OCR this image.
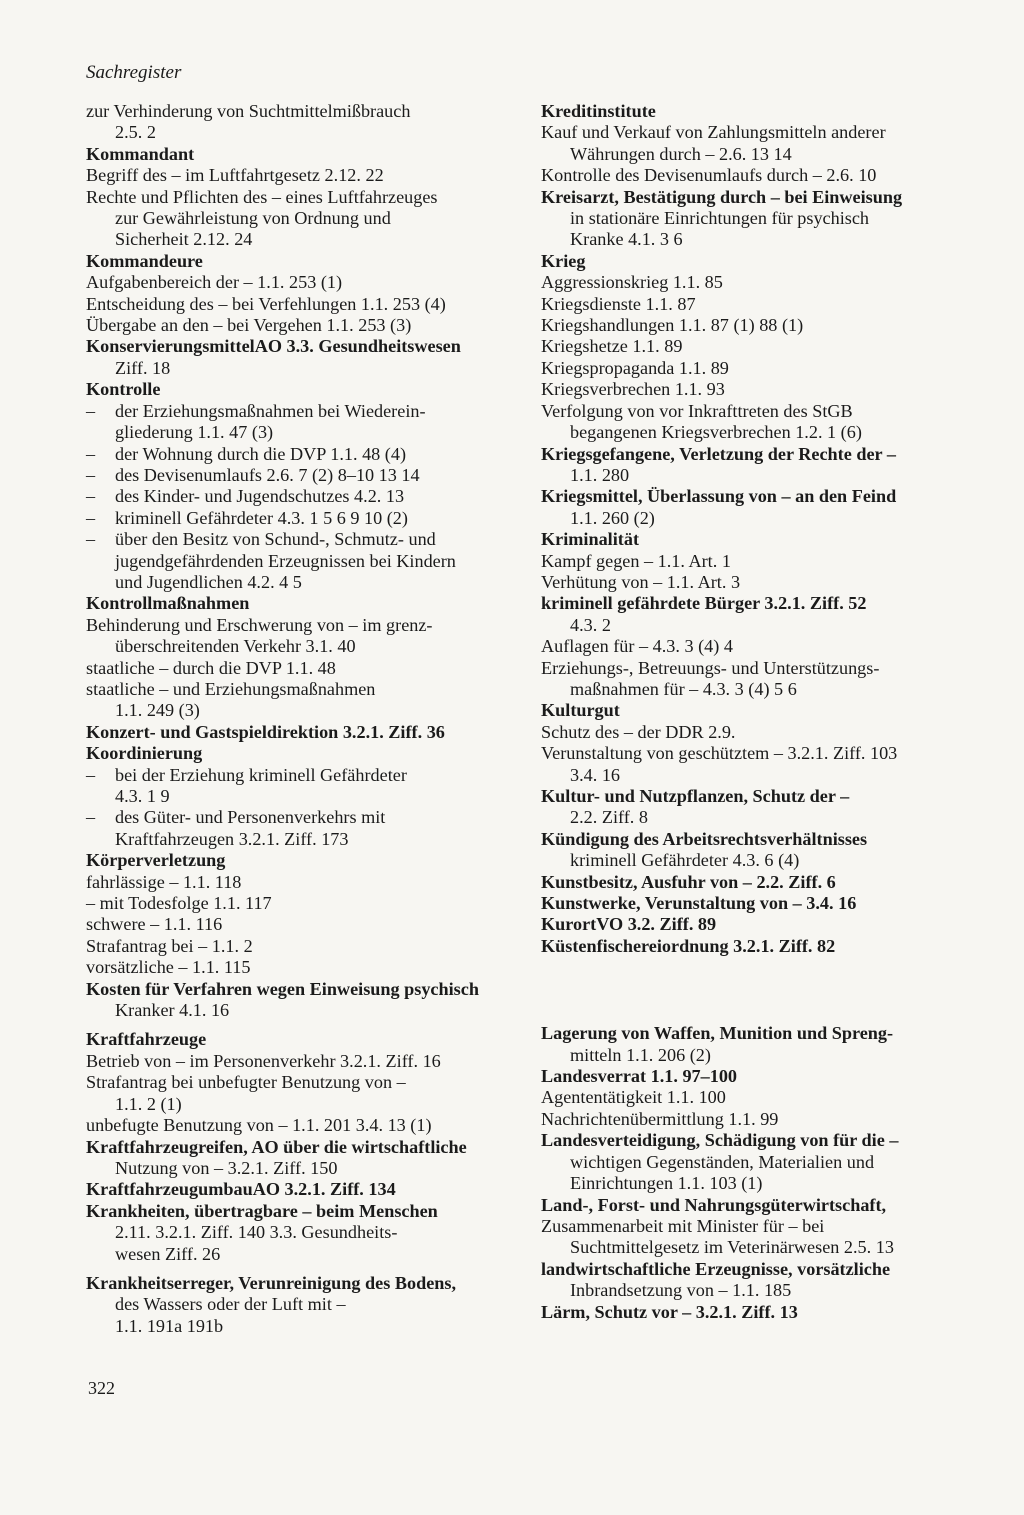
Sachregister
zur Verhinderung von Suchtmittelmißbrauch
2.5. 2
Kommandant
Begriff des – im Luftfahrtgesetz 2.12. 22
Rechte und Pflichten des – eines Luftfahrzeuges
zur Gewährleistung von Ordnung und
Sicherheit 2.12. 24
Kommandeure
Aufgabenbereich der – 1.1. 253 (1)
Entscheidung des – bei Verfehlungen 1.1. 253 (4)
Übergabe an den – bei Vergehen 1.1. 253 (3)
KonservierungsmittelAO 3.3. Gesundheitswesen
Ziff. 18
Kontrolle
– der Erziehungsmaßnahmen bei Wiederein-
gliederung 1.1. 47 (3)
– der Wohnung durch die DVP 1.1. 48 (4)
– des Devisenumlaufs 2.6. 7 (2) 8–10 13 14
– des Kinder- und Jugendschutzes 4.2. 13
– kriminell Gefährdeter 4.3. 1 5 6 9 10 (2)
– über den Besitz von Schund-, Schmutz- und
jugendgefährdenden Erzeugnissen bei Kindern
und Jugendlichen 4.2. 4 5
Kontrollmaßnahmen
Behinderung und Erschwerung von – im grenz-
überschreitenden Verkehr 3.1. 40
staatliche – durch die DVP 1.1. 48
staatliche – und Erziehungsmaßnahmen
1.1. 249 (3)
Konzert- und Gastspieldirektion 3.2.1. Ziff. 36
Koordinierung
– bei der Erziehung kriminell Gefährdeter
4.3. 1 9
– des Güter- und Personenverkehrs mit
Kraftfahrzeugen 3.2.1. Ziff. 173
Körperverletzung
fahrlässige – 1.1. 118
– mit Todesfolge 1.1. 117
schwere – 1.1. 116
Strafantrag bei – 1.1. 2
vorsätzliche – 1.1. 115
Kosten für Verfahren wegen Einweisung psychisch
Kranker 4.1. 16
Kraftfahrzeuge
Betrieb von – im Personenverkehr 3.2.1. Ziff. 16
Strafantrag bei unbefugter Benutzung von –
1.1. 2 (1)
unbefugte Benutzung von – 1.1. 201 3.4. 13 (1)
Kraftfahrzeugreifen, AO über die wirtschaftliche
Nutzung von – 3.2.1. Ziff. 150
KraftfahrzeugumbauAO 3.2.1. Ziff. 134
Krankheiten, übertragbare – beim Menschen
2.11. 3.2.1. Ziff. 140 3.3. Gesundheits-
wesen Ziff. 26
Krankheitserreger, Verunreinigung des Bodens,
des Wassers oder der Luft mit –
1.1. 191a 191b
Kreditinstitute
Kauf und Verkauf von Zahlungsmitteln anderer
Währungen durch – 2.6. 13 14
Kontrolle des Devisenumlaufs durch – 2.6. 10
Kreisarzt, Bestätigung durch – bei Einweisung
in stationäre Einrichtungen für psychisch
Kranke 4.1. 3 6
Krieg
Aggressionskrieg 1.1. 85
Kriegsdienste 1.1. 87
Kriegshandlungen 1.1. 87 (1) 88 (1)
Kriegshetze 1.1. 89
Kriegspropaganda 1.1. 89
Kriegsverbrechen 1.1. 93
Verfolgung von vor Inkrafttreten des StGB
begangenen Kriegsverbrechen 1.2. 1 (6)
Kriegsgefangene, Verletzung der Rechte der –
1.1. 280
Kriegsmittel, Überlassung von – an den Feind
1.1. 260 (2)
Kriminalität
Kampf gegen – 1.1. Art. 1
Verhütung von – 1.1. Art. 3
kriminell gefährdete Bürger 3.2.1. Ziff. 52
4.3. 2
Auflagen für – 4.3. 3 (4) 4
Erziehungs-, Betreuungs- und Unterstützungs-
maßnahmen für – 4.3. 3 (4) 5 6
Kulturgut
Schutz des – der DDR 2.9.
Verunstaltung von geschütztem – 3.2.1. Ziff. 103
3.4. 16
Kultur- und Nutzpflanzen, Schutz der –
2.2. Ziff. 8
Kündigung des Arbeitsrechtsverhältnisses
kriminell Gefährdeter 4.3. 6 (4)
Kunstbesitz, Ausfuhr von – 2.2. Ziff. 6
Kunstwerke, Verunstaltung von – 3.4. 16
KurortVO 3.2. Ziff. 89
Küstenfischereiordnung 3.2.1. Ziff. 82
Lagerung von Waffen, Munition und Spreng-
mitteln 1.1. 206 (2)
Landesverrat 1.1. 97–100
Agententätigkeit 1.1. 100
Nachrichtenübermittlung 1.1. 99
Landesverteidigung, Schädigung von für die –
wichtigen Gegenständen, Materialien und
Einrichtungen 1.1. 103 (1)
Land-, Forst- und Nahrungsgüterwirtschaft,
Zusammenarbeit mit Minister für – bei
Suchtmittelgesetz im Veterinärwesen 2.5. 13
landwirtschaftliche Erzeugnisse, vorsätzliche
Inbrandsetzung von – 1.1. 185
Lärm, Schutz vor – 3.2.1. Ziff. 13
322
